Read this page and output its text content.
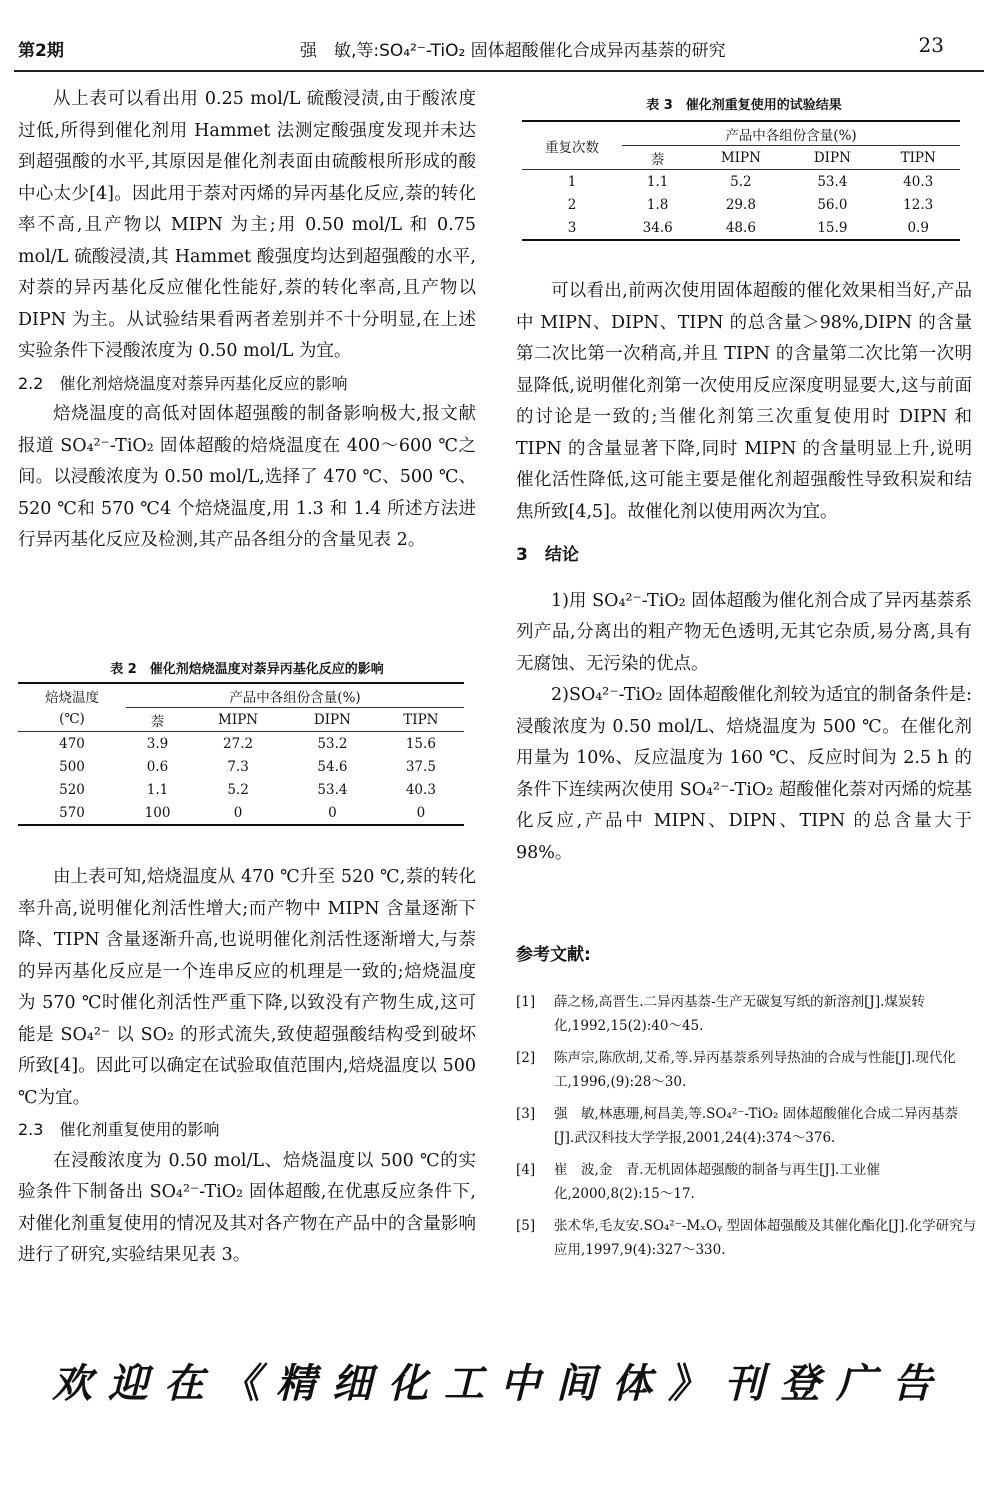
第2期	强　敏,等:SO₄²⁻-TiO₂ 固体超酸催化合成异丙基萘的研究	23

从上表可以看出用 0.25 mol/L 硫酸浸渍,由于酸浓度过低,所得到催化剂用 Hammet 法测定酸强度发现并未达到超强酸的水平,其原因是催化剂表面由硫酸根所形成的酸中心太少[4]。因此用于萘对丙烯的异丙基化反应,萘的转化率不高,且产物以 MIPN 为主;用 0.50 mol/L 和 0.75 mol/L 硫酸浸渍,其 Hammet 酸强度均达到超强酸的水平,对萘的异丙基化反应催化性能好,萘的转化率高,且产物以 DIPN 为主。从试验结果看两者差别并不十分明显,在上述实验条件下浸酸浓度为 0.50 mol/L 为宜。

2.2　催化剂焙烧温度对萘异丙基化反应的影响

焙烧温度的高低对固体超强酸的制备影响极大,报文献报道 SO₄²⁻-TiO₂ 固体超酸的焙烧温度在 400～600 ℃之间。以浸酸浓度为 0.50 mol/L,选择了 470 ℃、500 ℃、520 ℃和 570 ℃4 个焙烧温度,用 1.3 和 1.4 所述方法进行异丙基化反应及检测,其产品各组分的含量见表 2。

表 2　催化剂焙烧温度对萘异丙基化反应的影响
焙烧温度	产品中各组份含量(%)			
(℃)	萘	MIPN	DIPN	TIPN
470	3.9	27.2	53.2	15.6
500	0.6	7.3	54.6	37.5
520	1.1	5.2	53.4	40.3
570	100	0	0	0

由上表可知,焙烧温度从 470 ℃升至 520 ℃,萘的转化率升高,说明催化剂活性增大;而产物中 MIPN 含量逐渐下降、TIPN 含量逐渐升高,也说明催化剂活性逐渐增大,与萘的异丙基化反应是一个连串反应的机理是一致的;焙烧温度为 570 ℃时催化剂活性严重下降,以致没有产物生成,这可能是 SO₄²⁻ 以 SO₂ 的形式流失,致使超强酸结构受到破坏所致[4]。因此可以确定在试验取值范围内,焙烧温度以 500 ℃为宜。

2.3　催化剂重复使用的影响

在浸酸浓度为 0.50 mol/L、焙烧温度以 500 ℃的实验条件下制备出 SO₄²⁻-TiO₂ 固体超酸,在优惠反应条件下,对催化剂重复使用的情况及其对各产物在产品中的含量影响进行了研究,实验结果见表 3。

表 3　催化剂重复使用的试验结果
重复次数	产品中各组份含量(%)			
	萘	MIPN	DIPN	TIPN
1	1.1	5.2	53.4	40.3
2	1.8	29.8	56.0	12.3
3	34.6	48.6	15.9	0.9

可以看出,前两次使用固体超酸的催化效果相当好,产品中 MIPN、DIPN、TIPN 的总含量＞98%,DIPN 的含量第二次比第一次稍高,并且 TIPN 的含量第二次比第一次明显降低,说明催化剂第一次使用反应深度明显要大,这与前面的讨论是一致的;当催化剂第三次重复使用时 DIPN 和 TIPN 的含量显著下降,同时 MIPN 的含量明显上升,说明催化活性降低,这可能主要是催化剂超强酸性导致积炭和结焦所致[4,5]。故催化剂以使用两次为宜。

3　结论

1)用 SO₄²⁻-TiO₂ 固体超酸为催化剂合成了异丙基萘系列产品,分离出的粗产物无色透明,无其它杂质,易分离,具有无腐蚀、无污染的优点。

2)SO₄²⁻-TiO₂ 固体超酸催化剂较为适宜的制备条件是:浸酸浓度为 0.50 mol/L、焙烧温度为 500 ℃。在催化剂用量为 10%、反应温度为 160 ℃、反应时间为 2.5 h 的条件下连续两次使用 SO₄²⁻-TiO₂ 超酸催化萘对丙烯的烷基化反应,产品中 MIPN、DIPN、TIPN 的总含量大于 98%。

参考文献:
[1]	薛之杨,高晋生.二异丙基萘-生产无碳复写纸的新溶剂[J].煤炭转化,1992,15(2):40～45.
[2]	陈声宗,陈欣胡,艾希,等.异丙基萘系列导热油的合成与性能[J].现代化工,1996,(9):28～30.
[3]	强　敏,林惠珊,柯昌美,等.SO₄²⁻-TiO₂ 固体超酸催化合成二异丙基萘[J].武汉科技大学学报,2001,24(4):374～376.
[4]	崔　波,金　青.无机固体超强酸的制备与再生[J].工业催化,2000,8(2):15～17.
[5]	张术华,毛友安.SO₄²⁻-MₓOᵧ 型固体超强酸及其催化酯化[J].化学研究与应用,1997,9(4):327～330.
欢迎在《精细化工中间体》刊登广告
